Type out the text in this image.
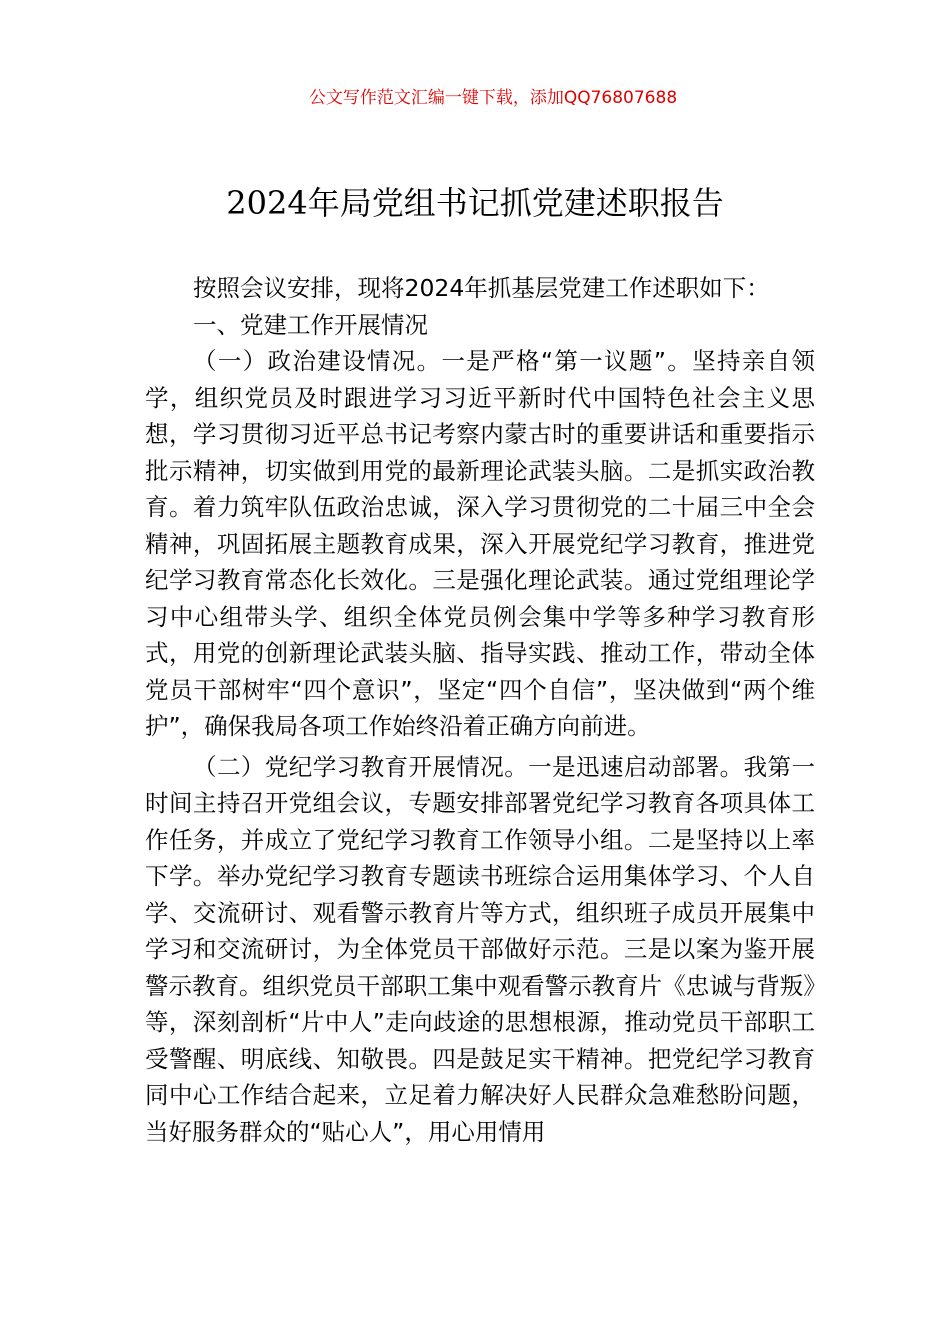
公文写作范文汇编一键下载，添加QQ76807688
2024年局党组书记抓党建述职报告

按照会议安排，现将2024年抓基层党建工作述职如下：

一、党建工作开展情况

（一）政治建设情况。一是严格“第一议题”。坚持亲自领学，组织党员及时跟进学习习近平新时代中国特色社会主义思想，学习贯彻习近平总书记考察内蒙古时的重要讲话和重要指示批示精神，切实做到用党的最新理论武装头脑。二是抓实政治教育。着力筑牢队伍政治忠诚，深入学习贯彻党的二十届三中全会精神，巩固拓展主题教育成果，深入开展党纪学习教育，推进党纪学习教育常态化长效化。三是强化理论武装。通过党组理论学习中心组带头学、组织全体党员例会集中学等多种学习教育形式，用党的创新理论武装头脑、指导实践、推动工作，带动全体党员干部树牢“四个意识”，坚定“四个自信”，坚决做到“两个维护”，确保我局各项工作始终沿着正确方向前进。

（二）党纪学习教育开展情况。一是迅速启动部署。我第一时间主持召开党组会议，专题安排部署党纪学习教育各项具体工作任务，并成立了党纪学习教育工作领导小组。二是坚持以上率下学。举办党纪学习教育专题读书班综合运用集体学习、个人自学、交流研讨、观看警示教育片等方式，组织班子成员开展集中学习和交流研讨，为全体党员干部做好示范。三是以案为鉴开展警示教育。组织党员干部职工集中观看警示教育片《忠诚与背叛》等，深刻剖析“片中人”走向歧途的思想根源，推动党员干部职工受警醒、明底线、知敬畏。四是鼓足实干精神。把党纪学习教育同中心工作结合起来，立足着力解决好人民群众急难愁盼问题，当好服务群众的“贴心人”，用心用情用
